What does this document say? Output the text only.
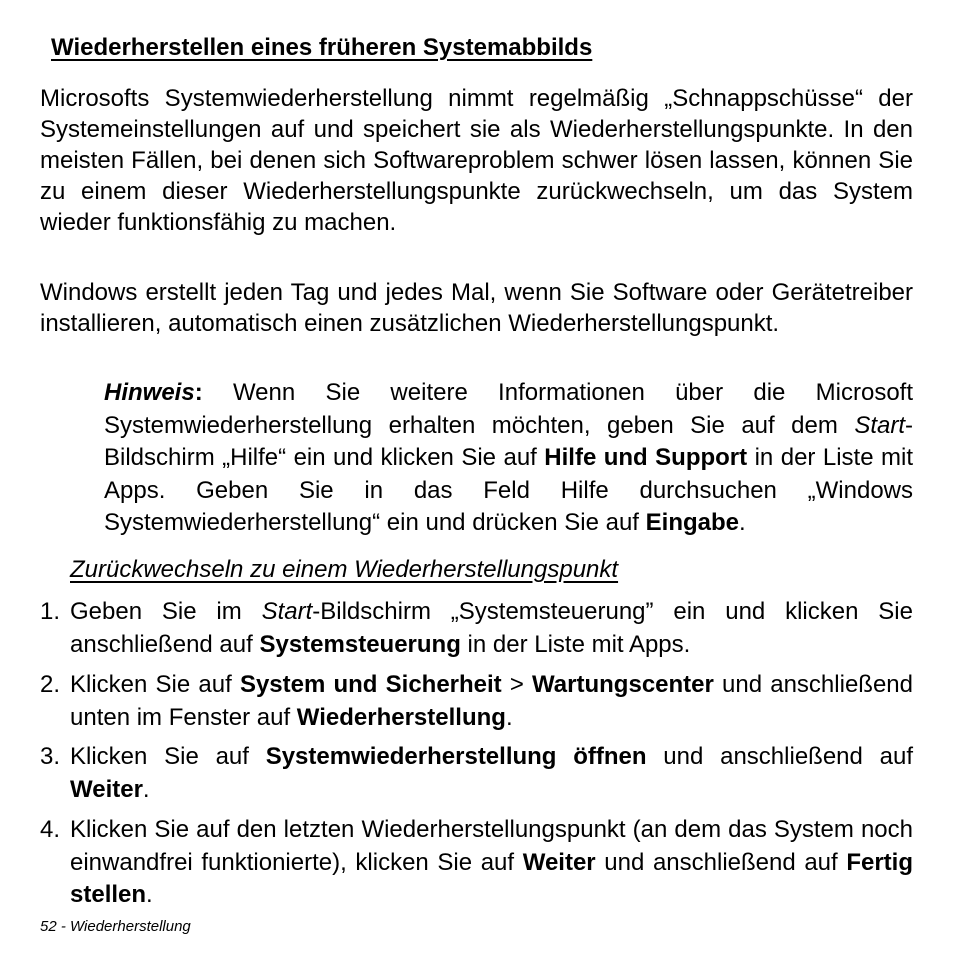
Wiederherstellen eines früheren Systemabbilds

Microsofts Systemwiederherstellung nimmt regelmäßig „Schnappschüsse“ der Systemeinstellungen auf und speichert sie als Wiederherstellungspunkte. In den meisten Fällen, bei denen sich Softwareproblem schwer lösen lassen, können Sie zu einem dieser Wiederherstellungspunkte zurückwechseln, um das System wieder funktionsfähig zu machen.

Windows erstellt jeden Tag und jedes Mal, wenn Sie Software oder Gerätetreiber installieren, automatisch einen zusätzlichen Wiederherstellungspunkt.

Hinweis: Wenn Sie weitere Informationen über die Microsoft Systemwiederherstellung erhalten möchten, geben Sie auf dem Start-Bildschirm „Hilfe“ ein und klicken Sie auf Hilfe und Support in der Liste mit Apps. Geben Sie in das Feld Hilfe durchsuchen „Windows Systemwiederherstellung“ ein und drücken Sie auf Eingabe.
Zurückwechseln zu einem Wiederherstellungspunkt
1. Geben Sie im Start-Bildschirm „Systemsteuerung” ein und klicken Sie anschließend auf Systemsteuerung in der Liste mit Apps.
2. Klicken Sie auf System und Sicherheit > Wartungscenter und anschließend unten im Fenster auf Wiederherstellung.
3. Klicken Sie auf Systemwiederherstellung öffnen und anschließend auf Weiter.
4. Klicken Sie auf den letzten Wiederherstellungspunkt (an dem das System noch einwandfrei funktionierte), klicken Sie auf Weiter und anschließend auf Fertig stellen.
52 - Wiederherstellung
